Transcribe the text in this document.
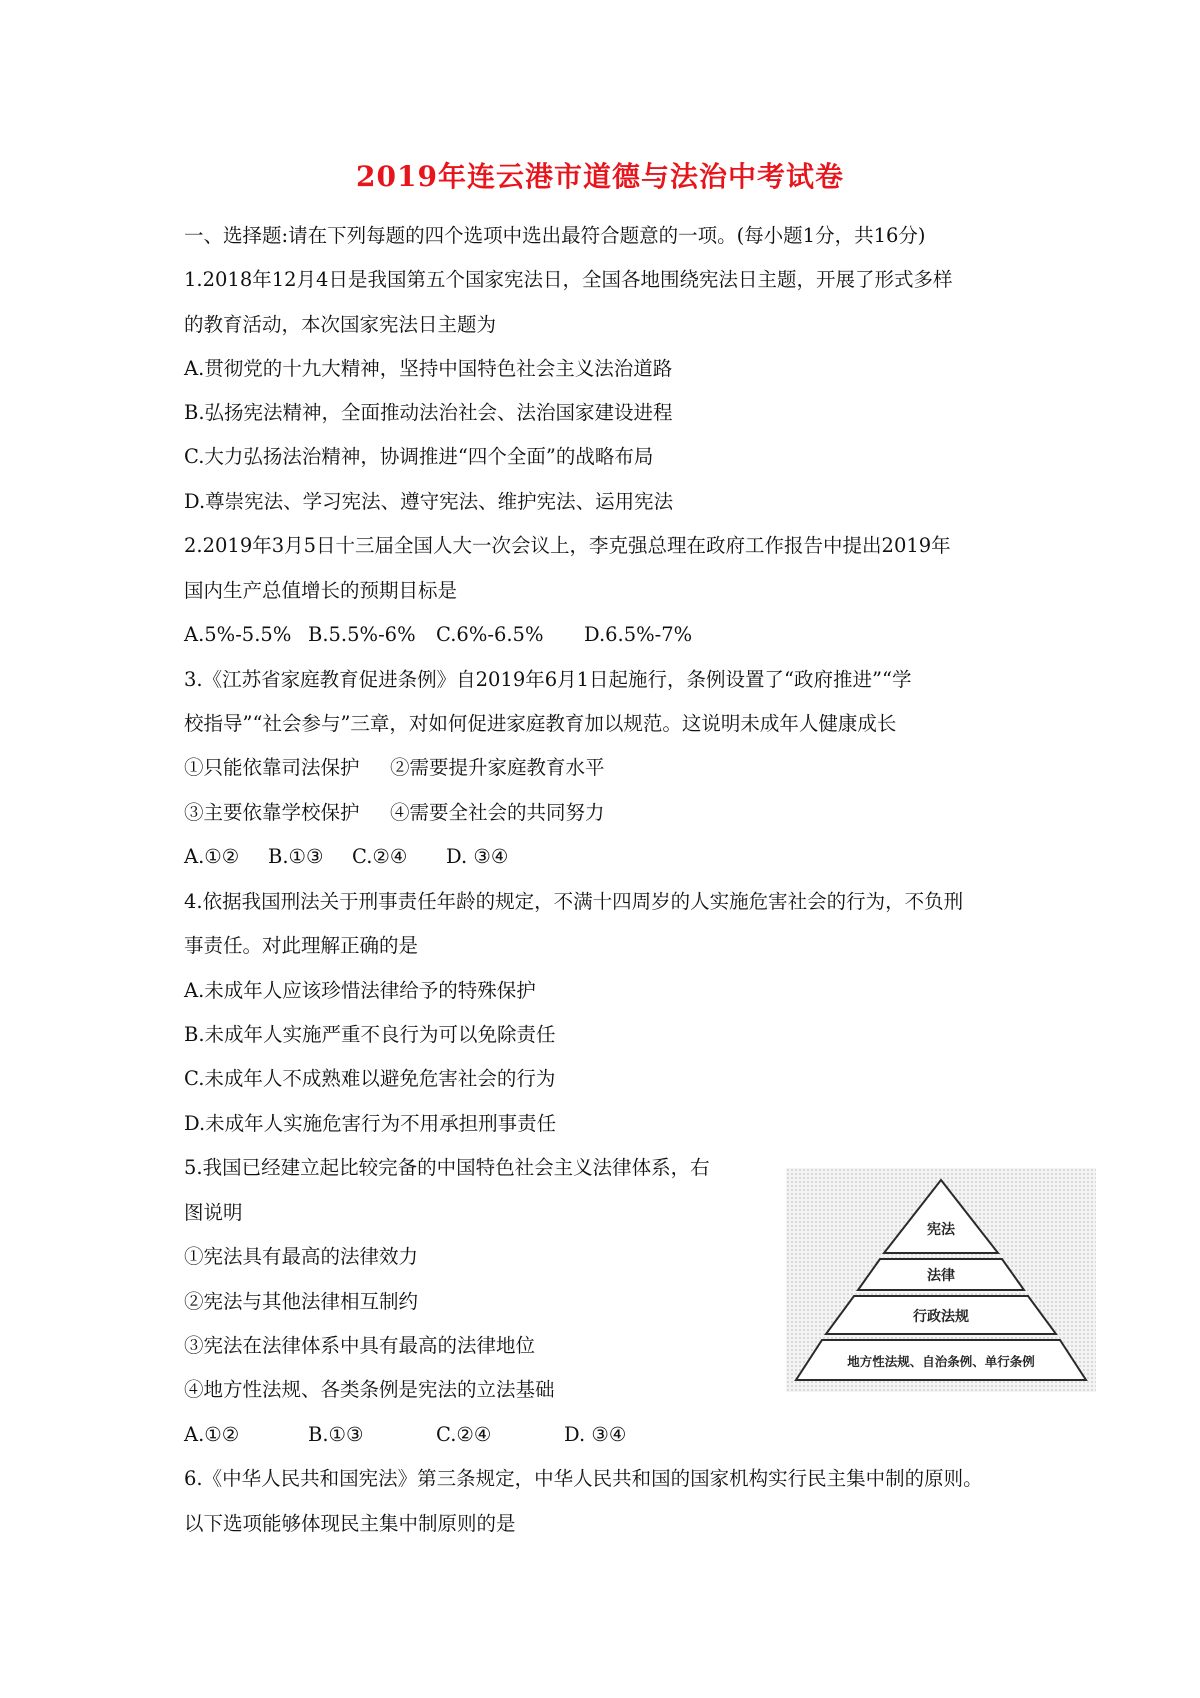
2019年连云港市道德与法治中考试卷
一、选择题:请在下列每题的四个选项中选出最符合题意的一项。(每小题1分，共16分)
1.2018年12月4日是我国第五个国家宪法日，全国各地围绕宪法日主题，开展了形式多样
的教育活动，本次国家宪法日主题为
A.贯彻党的十九大精神，坚持中国特色社会主义法治道路
B.弘扬宪法精神，全面推动法治社会、法治国家建设进程
C.大力弘扬法治精神，协调推进“四个全面”的战略布局
D.尊崇宪法、学习宪法、遵守宪法、维护宪法、运用宪法
2.2019年3月5日十三届全国人大一次会议上，李克强总理在政府工作报告中提出2019年
国内生产总值增长的预期目标是
A.5%-5.5% B.5.5%-6% C.6%-6.5% D.6.5%-7%
3.《江苏省家庭教育促进条例》自2019年6月1日起施行，条例设置了“政府推进”“学
校指导”“社会参与”三章，对如何促进家庭教育加以规范。这说明未成年人健康成长
①只能依靠司法保护 ②需要提升家庭教育水平
③主要依靠学校保护 ④需要全社会的共同努力
A.①② B.①③ C.②④ D. ③④
4.依据我国刑法关于刑事责任年龄的规定，不满十四周岁的人实施危害社会的行为，不负刑
事责任。对此理解正确的是
A.未成年人应该珍惜法律给予的特殊保护
B.未成年人实施严重不良行为可以免除责任
C.未成年人不成熟难以避免危害社会的行为
D.未成年人实施危害行为不用承担刑事责任
5.我国已经建立起比较完备的中国特色社会主义法律体系，右
图说明
①宪法具有最高的法律效力
②宪法与其他法律相互制约
③宪法在法律体系中具有最高的法律地位
④地方性法规、各类条例是宪法的立法基础
A.①②	B.①③	C.②④	D. ③④
宪法
法律
行政法规
地方性法规、自治条例、单行条例
6.《中华人民共和国宪法》第三条规定，中华人民共和国的国家机构实行民主集中制的原则。
以下选项能够体现民主集中制原则的是
